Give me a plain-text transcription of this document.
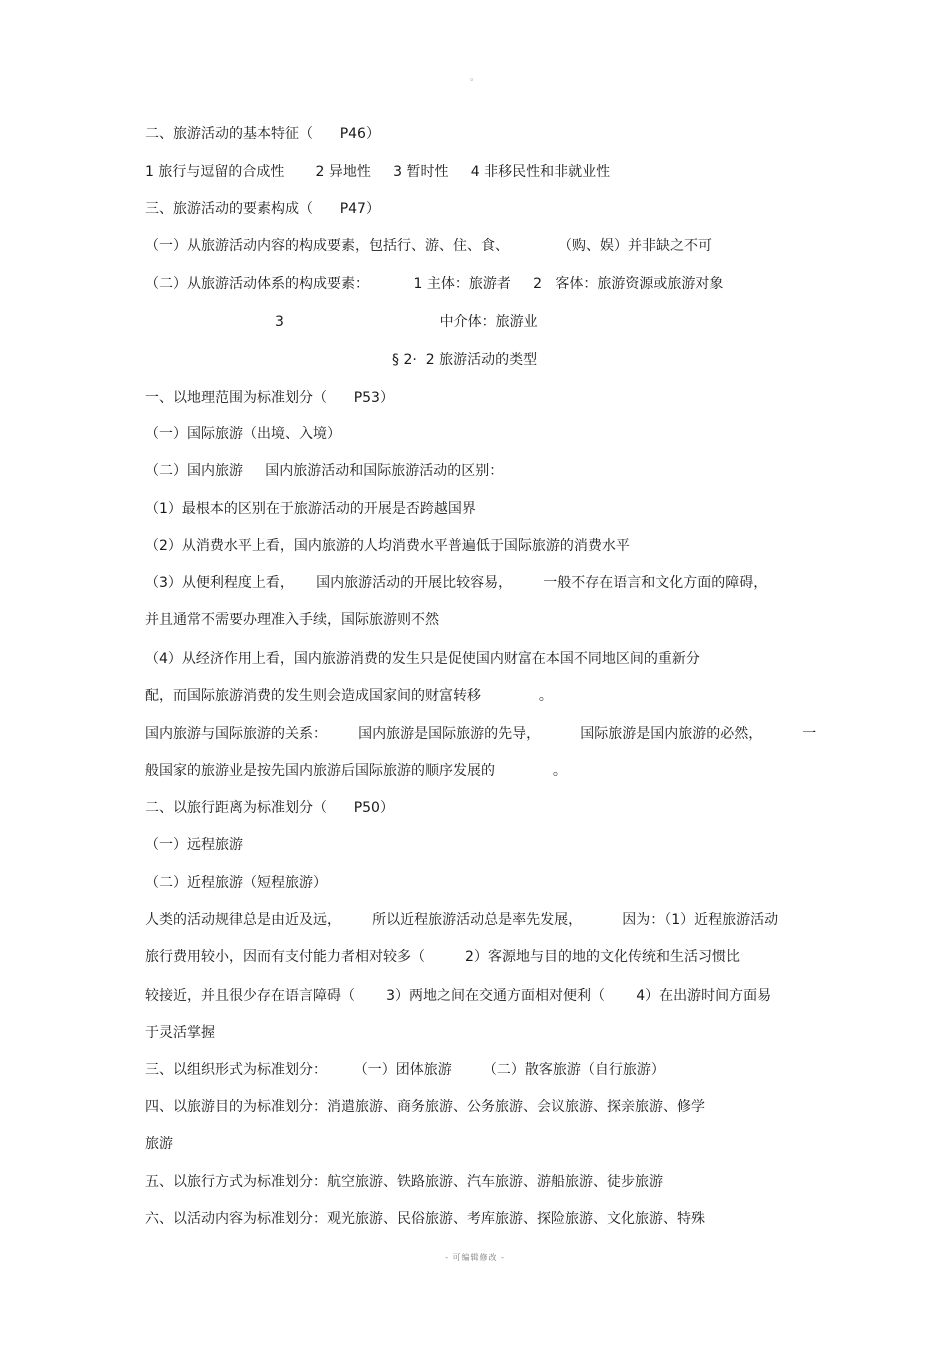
。

二、旅游活动的基本特征（      P46）

1 旅行与逗留的合成性       2 异地性     3 暂时性     4 非移民性和非就业性

三、旅游活动的要素构成（      P47）

（一）从旅游活动内容的构成要素，包括行、游、住、食、           （购、娱）并非缺之不可

（二）从旅游活动体系的构成要素：          1 主体：旅游者     2   客体：旅游资源或旅游对象

3                                   中介体：旅游业

§ 2·  2 旅游活动的类型

一、以地理范围为标准划分（      P53）

（一）国际旅游（出境、入境）

（二）国内旅游     国内旅游活动和国际旅游活动的区别：

（1）最根本的区别在于旅游活动的开展是否跨越国界

（2）从消费水平上看，国内旅游的人均消费水平普遍低于国际旅游的消费水平

（3）从便利程度上看，     国内旅游活动的开展比较容易，       一般不存在语言和文化方面的障碍，

并且通常不需要办理准入手续，国际旅游则不然

（4）从经济作用上看，国内旅游消费的发生只是促使国内财富在本国不同地区间的重新分

配，而国际旅游消费的发生则会造成国家间的财富转移             。

国内旅游与国际旅游的关系：       国内旅游是国际旅游的先导，         国际旅游是国内旅游的必然，         一

般国家的旅游业是按先国内旅游后国际旅游的顺序发展的             。

二、以旅行距离为标准划分（      P50）

（一）远程旅游

（二）近程旅游（短程旅游）

人类的活动规律总是由近及远，       所以近程旅游活动总是率先发展，         因为：（1）近程旅游活动

旅行费用较小，因而有支付能力者相对较多（         2）客源地与目的地的文化传统和生活习惯比

较接近，并且很少存在语言障碍（       3）两地之间在交通方面相对便利（       4）在出游时间方面易

于灵活掌握

三、以组织形式为标准划分：      （一）团体旅游       （二）散客旅游（自行旅游）

四、以旅游目的为标准划分：消遣旅游、商务旅游、公务旅游、会议旅游、探亲旅游、修学

旅游

五、以旅行方式为标准划分：航空旅游、铁路旅游、汽车旅游、游船旅游、徒步旅游

六、以活动内容为标准划分：观光旅游、民俗旅游、考库旅游、探险旅游、文化旅游、特殊

- 可编辑修改 -
